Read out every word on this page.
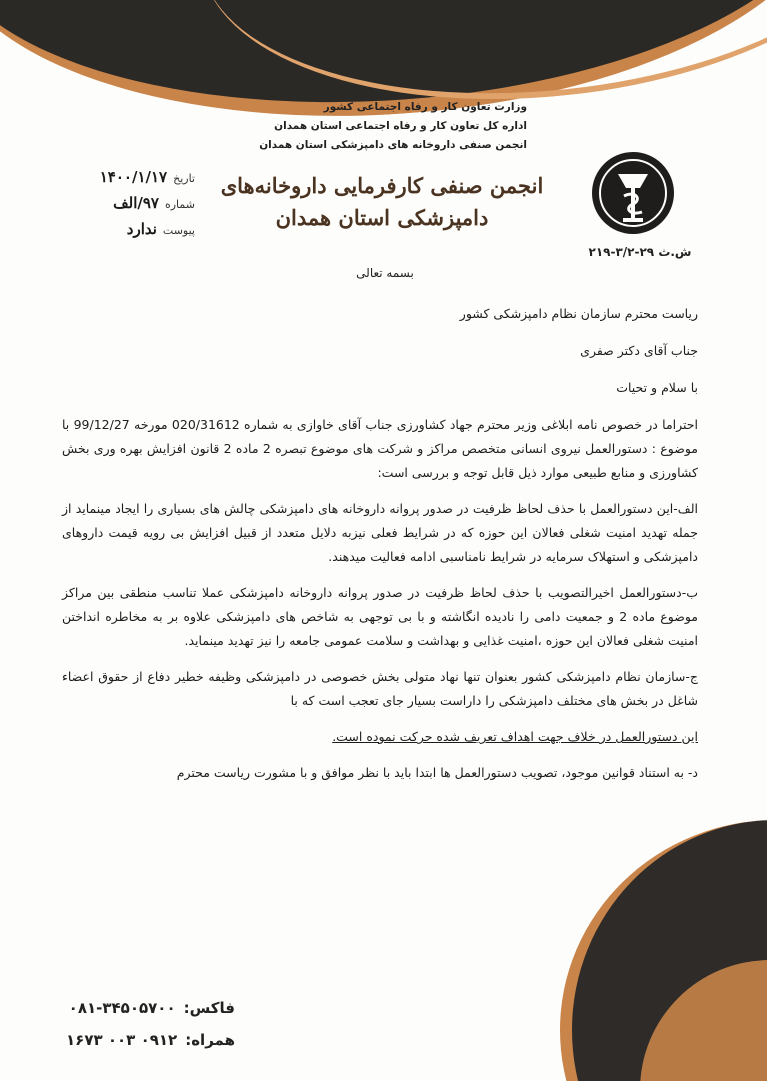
وزارت تعاون کار و رفاه اجتماعی کشور
اداره کل تعاون کار و رفاه اجتماعی استان همدان
انجمن صنفی داروخانه های دامپزشکی استان همدان
انجمن صنفی کارفرمایی داروخانه‌های
دامپزشکی استان همدان
ش.ث ۲۹-۳/۲-۲۱۹
تاریخ
۱۴۰۰/۱/۱۷
شماره
۹۷/الف
پیوست
ندارد
بسمه تعالی

ریاست محترم سازمان نظام دامپزشکی کشور

جناب آقای دکتر صفری

با سلام و تحیات

احتراما در خصوص نامه ابلاغی وزیر محترم جهاد کشاورزی جناب آقای خاوازی به شماره 020/31612 مورخه 99/12/27 با موضوع : دستورالعمل نیروی انسانی متخصص مراکز و شرکت های موضوع تبصره 2 ماده 2 قانون افزایش بهره وری بخش کشاورزی و منابع طبیعی موارد ذیل قابل توجه و بررسی است:

الف-این دستورالعمل با حذف لحاظ ظرفیت در صدور پروانه داروخانه های دامپزشکی چالش های بسیاری را ایجاد مینماید از جمله تهدید امنیت شغلی فعالان این حوزه که در شرایط فعلی نیزبه دلایل متعدد از قبیل افزایش بی رویه قیمت داروهای دامپزشکی و استهلاک سرمایه در شرایط نامناسبی ادامه فعالیت میدهند.

ب-دستورالعمل اخیرالتصویب با حذف لحاظ ظرفیت در صدور پروانه داروخانه دامپزشکی عملا تناسب منطقی بین مراکز موضوع ماده 2 و جمعیت دامی را نادیده انگاشته و با بی توجهی به شاخص های دامپزشکی علاوه بر به مخاطره انداختن امنیت شغلی فعالان این حوزه ،امنیت غذایی و بهداشت و سلامت عمومی جامعه را نیز تهدید مینماید.

ج-سازمان نظام دامپزشکی کشور بعنوان تنها نهاد متولی بخش خصوصی در دامپزشکی وظیفه خطیر دفاع از حقوق اعضاء شاغل در بخش های مختلف دامپزشکی را داراست بسیار جای تعجب است که با

این دستورالعمل در خلاف جهت اهداف تعریف شده حرکت نموده است.

د- به استناد قوانین موجود، تصویب دستورالعمل ها ابتدا باید با نظر موافق و با مشورت ریاست محترم

فاکس:
۰۸۱-۳۴۵۰۵۷۰۰
همراه:
۰۹۱۲ ۰۰۳ ۱۶۷۳
